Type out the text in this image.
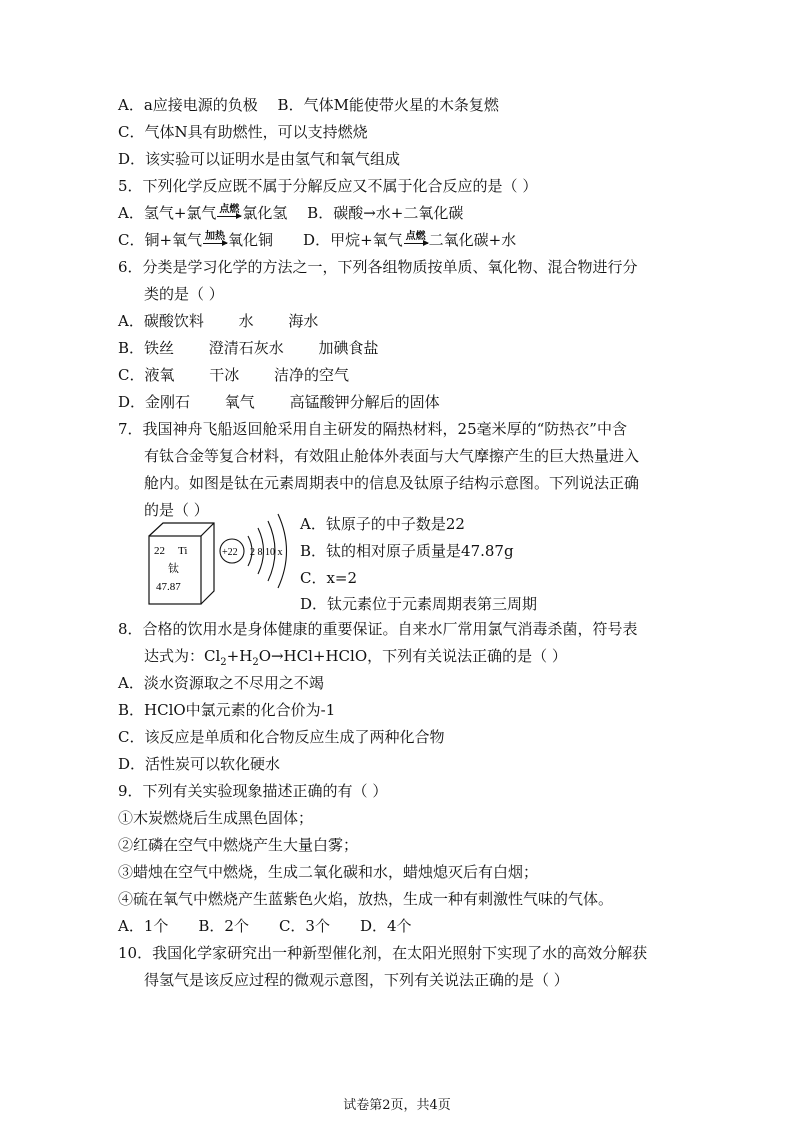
A．a应接电源的负极　 B．气体M能使带火星的木条复燃
C．气体N具有助燃性，可以支持燃烧
D．该实验可以证明水是由氢气和氧气组成
5．下列化学反应既不属于分解反应又不属于化合反应的是（ ）
A．氢气+氯气 点燃 氯化氢　 B．碳酸→水+二氧化碳
C．铜+氧气 加热 氧化铜　　D．甲烷+氧气 点燃 二氧化碳+水
6．分类是学习化学的方法之一，下列各组物质按单质、氧化物、混合物进行分
类的是（ ）
A．碳酸饮料　　 水　　 海水
B．铁丝　　 澄清石灰水　　 加碘食盐
C．液氧　　 干冰　　 洁净的空气
D．金刚石　　 氧气　　 高锰酸钾分解后的固体
7．我国神舟飞船返回舱采用自主研发的隔热材料，25毫米厚的“防热衣”中含
有钛合金等复合材料，有效阻止舱体外表面与大气摩擦产生的巨大热量进入
舱内。如图是钛在元素周期表中的信息及钛原子结构示意图。下列说法正确
的是（ ）
22 Ti
钛
47.87
+22 2 8 10 x
A．钛原子的中子数是22
B．钛的相对原子质量是47.87g
C．x=2
D．钛元素位于元素周期表第三周期
8．合格的饮用水是身体健康的重要保证。自来水厂常用氯气消毒杀菌，符号表
达式为：$Cl_2+H_2O\to HCl+HClO$，下列有关说法正确的是（ ）
A．淡水资源取之不尽用之不竭
B．HClO中氯元素的化合价为-1
C．该反应是单质和化合物反应生成了两种化合物
D．活性炭可以软化硬水
9．下列有关实验现象描述正确的有（ ）
①木炭燃烧后生成黑色固体；
②红磷在空气中燃烧产生大量白雾；
③蜡烛在空气中燃烧，生成二氧化碳和水，蜡烛熄灭后有白烟；
④硫在氧气中燃烧产生蓝紫色火焰，放热，生成一种有刺激性气味的气体。
A．1个　　B．2个　　C．3个　　D．4个
10．我国化学家研究出一种新型催化剂，在太阳光照射下实现了水的高效分解获
得氢气是该反应过程的微观示意图，下列有关说法正确的是（ ）
试卷第2页，共4页
